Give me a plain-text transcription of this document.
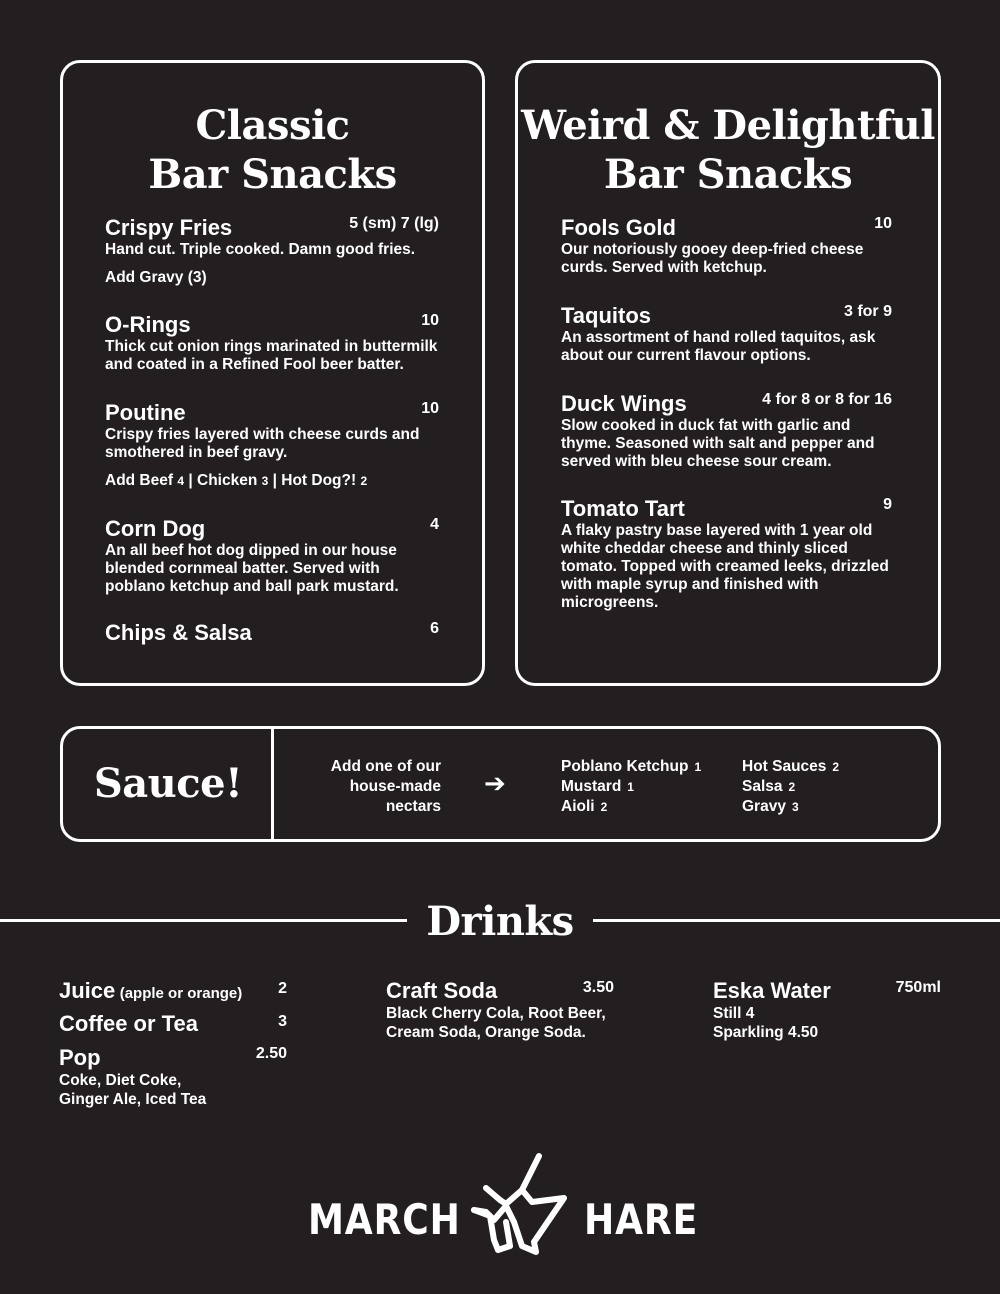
Classic
Bar Snacks
Crispy Fries	5 (sm) 7 (lg)
Hand cut. Triple cooked. Damn good fries.
Add Gravy (3)
O-Rings	10
Thick cut onion rings marinated in buttermilk and coated in a Refined Fool beer batter.
Poutine	10
Crispy fries layered with cheese curds and smothered in beef gravy.
Add Beef 4 | Chicken 3 | Hot Dog?! 2
Corn Dog	4
An all beef hot dog dipped in our house blended cornmeal batter. Served with poblano ketchup and ball park mustard.
Chips & Salsa	6
Weird & Delightful
Bar Snacks
Fools Gold	10
Our notoriously gooey deep-fried cheese curds. Served with ketchup.
Taquitos	3 for 9
An assortment of hand rolled taquitos, ask about our current flavour options.
Duck Wings	4 for 8 or 8 for 16
Slow cooked in duck fat with garlic and thyme. Seasoned with salt and pepper and served with bleu cheese sour cream.
Tomato Tart	9
A flaky pastry base layered with 1 year old white cheddar cheese and thinly sliced tomato. Topped with creamed leeks, drizzled with maple syrup and finished with microgreens.
Sauce!	Add one of our
house-made
nectars
➔
Poblano Ketchup 1
Mustard 1
Aioli 2
Hot Sauces 2
Salsa 2
Gravy 3
Drinks
Juice (apple or orange) 2
Coffee or Tea	3
Pop	2.50
Coke, Diet Coke,
Ginger Ale, Iced Tea
Craft Soda	3.50
Black Cherry Cola, Root Beer,
Cream Soda, Orange Soda.
Eska Water	750ml
Still 4
Sparkling 4.50
MARCH	HARE
